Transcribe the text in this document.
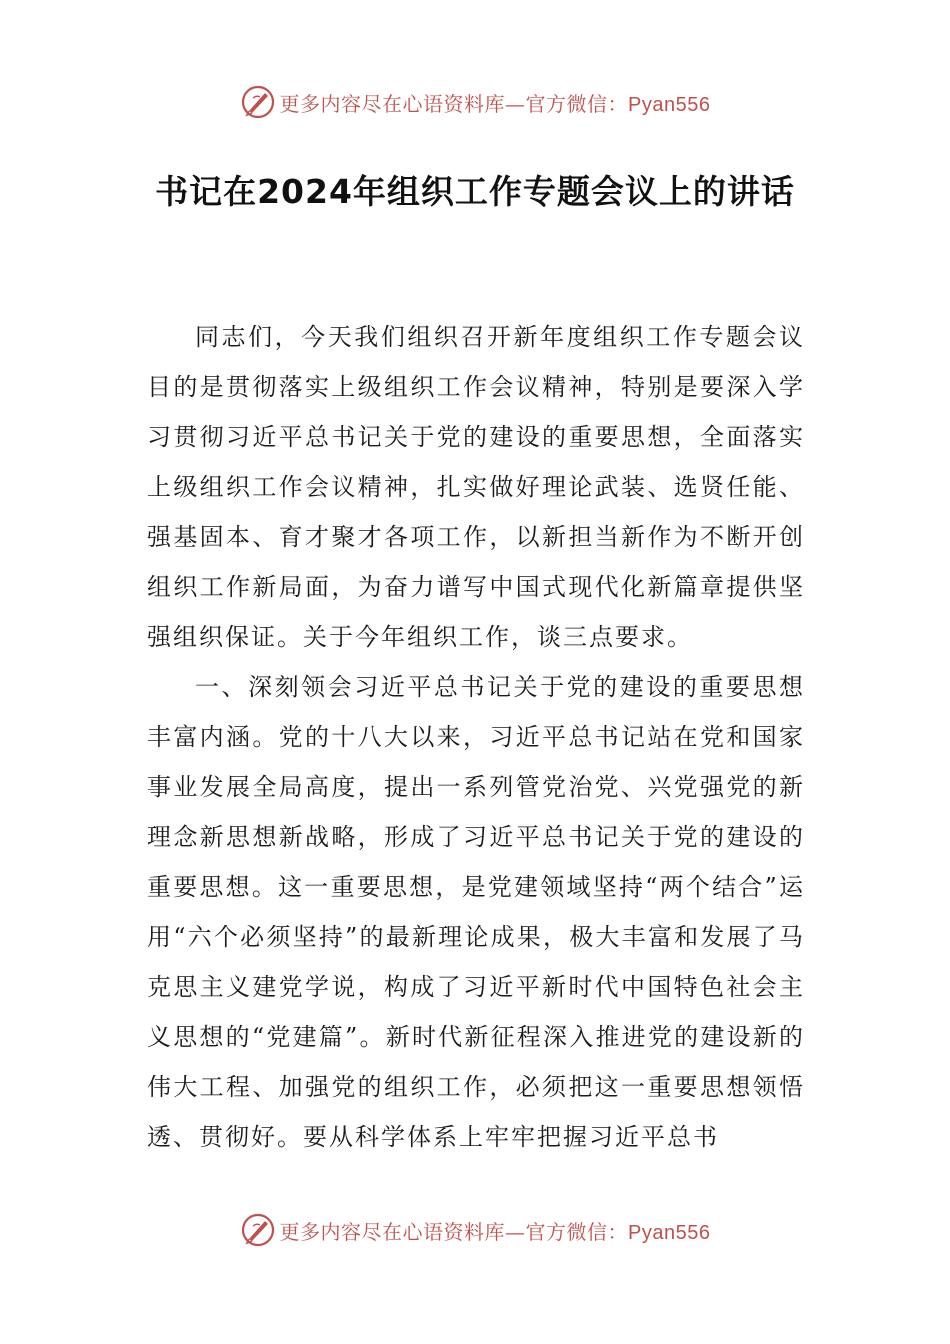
更多内容尽在心语资料库—官方微信：Pyan556
书记在2024年组织工作专题会议上的讲话

同志们，今天我们组织召开新年度组织工作专题会议目的是贯彻落实上级组织工作会议精神，特别是要深入学习贯彻习近平总书记关于党的建设的重要思想，全面落实上级组织工作会议精神，扎实做好理论武装、选贤任能、强基固本、育才聚才各项工作，以新担当新作为不断开创组织工作新局面，为奋力谱写中国式现代化新篇章提供坚强组织保证。关于今年组织工作，谈三点要求。

一、深刻领会习近平总书记关于党的建设的重要思想丰富内涵。党的十八大以来，习近平总书记站在党和国家事业发展全局高度，提出一系列管党治党、兴党强党的新理念新思想新战略，形成了习近平总书记关于党的建设的重要思想。这一重要思想，是党建领域坚持“两个结合”运用“六个必须坚持”的最新理论成果，极大丰富和发展了马克思主义建党学说，构成了习近平新时代中国特色社会主义思想的“党建篇”。新时代新征程深入推进党的建设新的伟大工程、加强党的组织工作，必须把这一重要思想领悟透、贯彻好。要从科学体系上牢牢把握习近平总书

更多内容尽在心语资料库—官方微信：Pyan556
